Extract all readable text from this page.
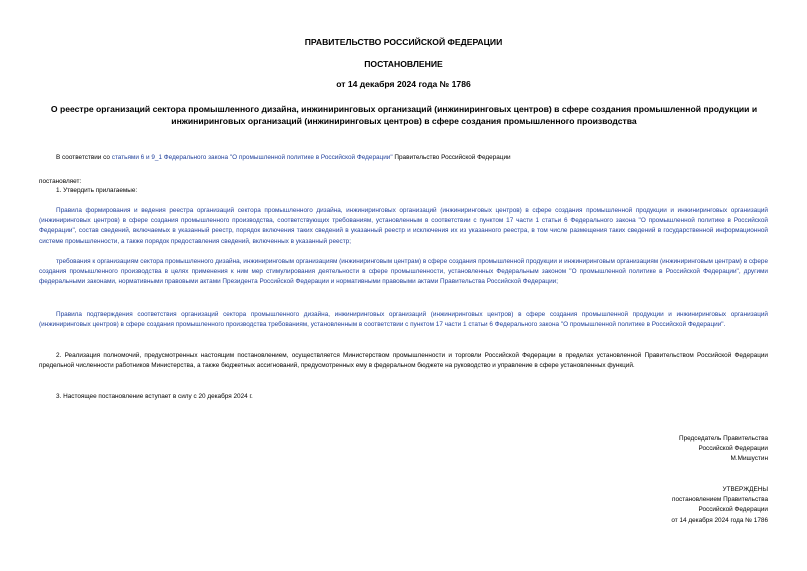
ПРАВИТЕЛЬСТВО РОССИЙСКОЙ ФЕДЕРАЦИИ
ПОСТАНОВЛЕНИЕ
от 14 декабря 2024 года № 1786
О реестре организаций сектора промышленного дизайна, инжиниринговых организаций (инжиниринговых центров) в сфере создания промышленной продукции и инжиниринговых организаций (инжиниринговых центров) в сфере создания промышленного производства
В соответствии со статьями 6 и 9_1 Федерального закона "О промышленной политике в Российской Федерации" Правительство Российской Федерации
постановляет:
1. Утвердить прилагаемые:
Правила формирования и ведения реестра организаций сектора промышленного дизайна, инжиниринговых организаций (инжиниринговых центров) в сфере создания промышленной продукции и инжиниринговых организаций (инжиниринговых центров) в сфере создания промышленного производства, соответствующих требованиям, установленным в соответствии с пунктом 17 части 1 статьи 6 Федерального закона "О промышленной политике в Российской Федерации", состав сведений, включаемых в указанный реестр, порядок включения таких сведений в указанный реестр и исключения их из указанного реестра, в том числе размещения таких сведений в государственной информационной системе промышленности, а также порядок предоставления сведений, включенных в указанный реестр;
требования к организациям сектора промышленного дизайна, инжиниринговым организациям (инжиниринговым центрам) в сфере создания промышленной продукции и инжиниринговым организациям (инжиниринговым центрам) в сфере создания промышленного производства в целях применения к ним мер стимулирования деятельности в сфере промышленности, установленных Федеральным законом "О промышленной политике в Российской Федерации", другими федеральными законами, нормативными правовыми актами Президента Российской Федерации и нормативными правовыми актами Правительства Российской Федерации;
Правила подтверждения соответствия организаций сектора промышленного дизайна, инжиниринговых организаций (инжиниринговых центров) в сфере создания промышленной продукции и инжиниринговых организаций (инжиниринговых центров) в сфере создания промышленного производства требованиям, установленным в соответствии с пунктом 17 части 1 статьи 6 Федерального закона "О промышленной политике в Российской Федерации".
2. Реализация полномочий, предусмотренных настоящим постановлением, осуществляется Министерством промышленности и торговли Российской Федерации в пределах установленной Правительством Российской Федерации предельной численности работников Министерства, а также бюджетных ассигнований, предусмотренных ему в федеральном бюджете на руководство и управление в сфере установленных функций.
3. Настоящее постановление вступает в силу с 20 декабря 2024 г.
Председатель Правительства
Российской Федерации
М.Мишустин
УТВЕРЖДЕНЫ
постановлением Правительства
Российской Федерации
от 14 декабря 2024 года № 1786
